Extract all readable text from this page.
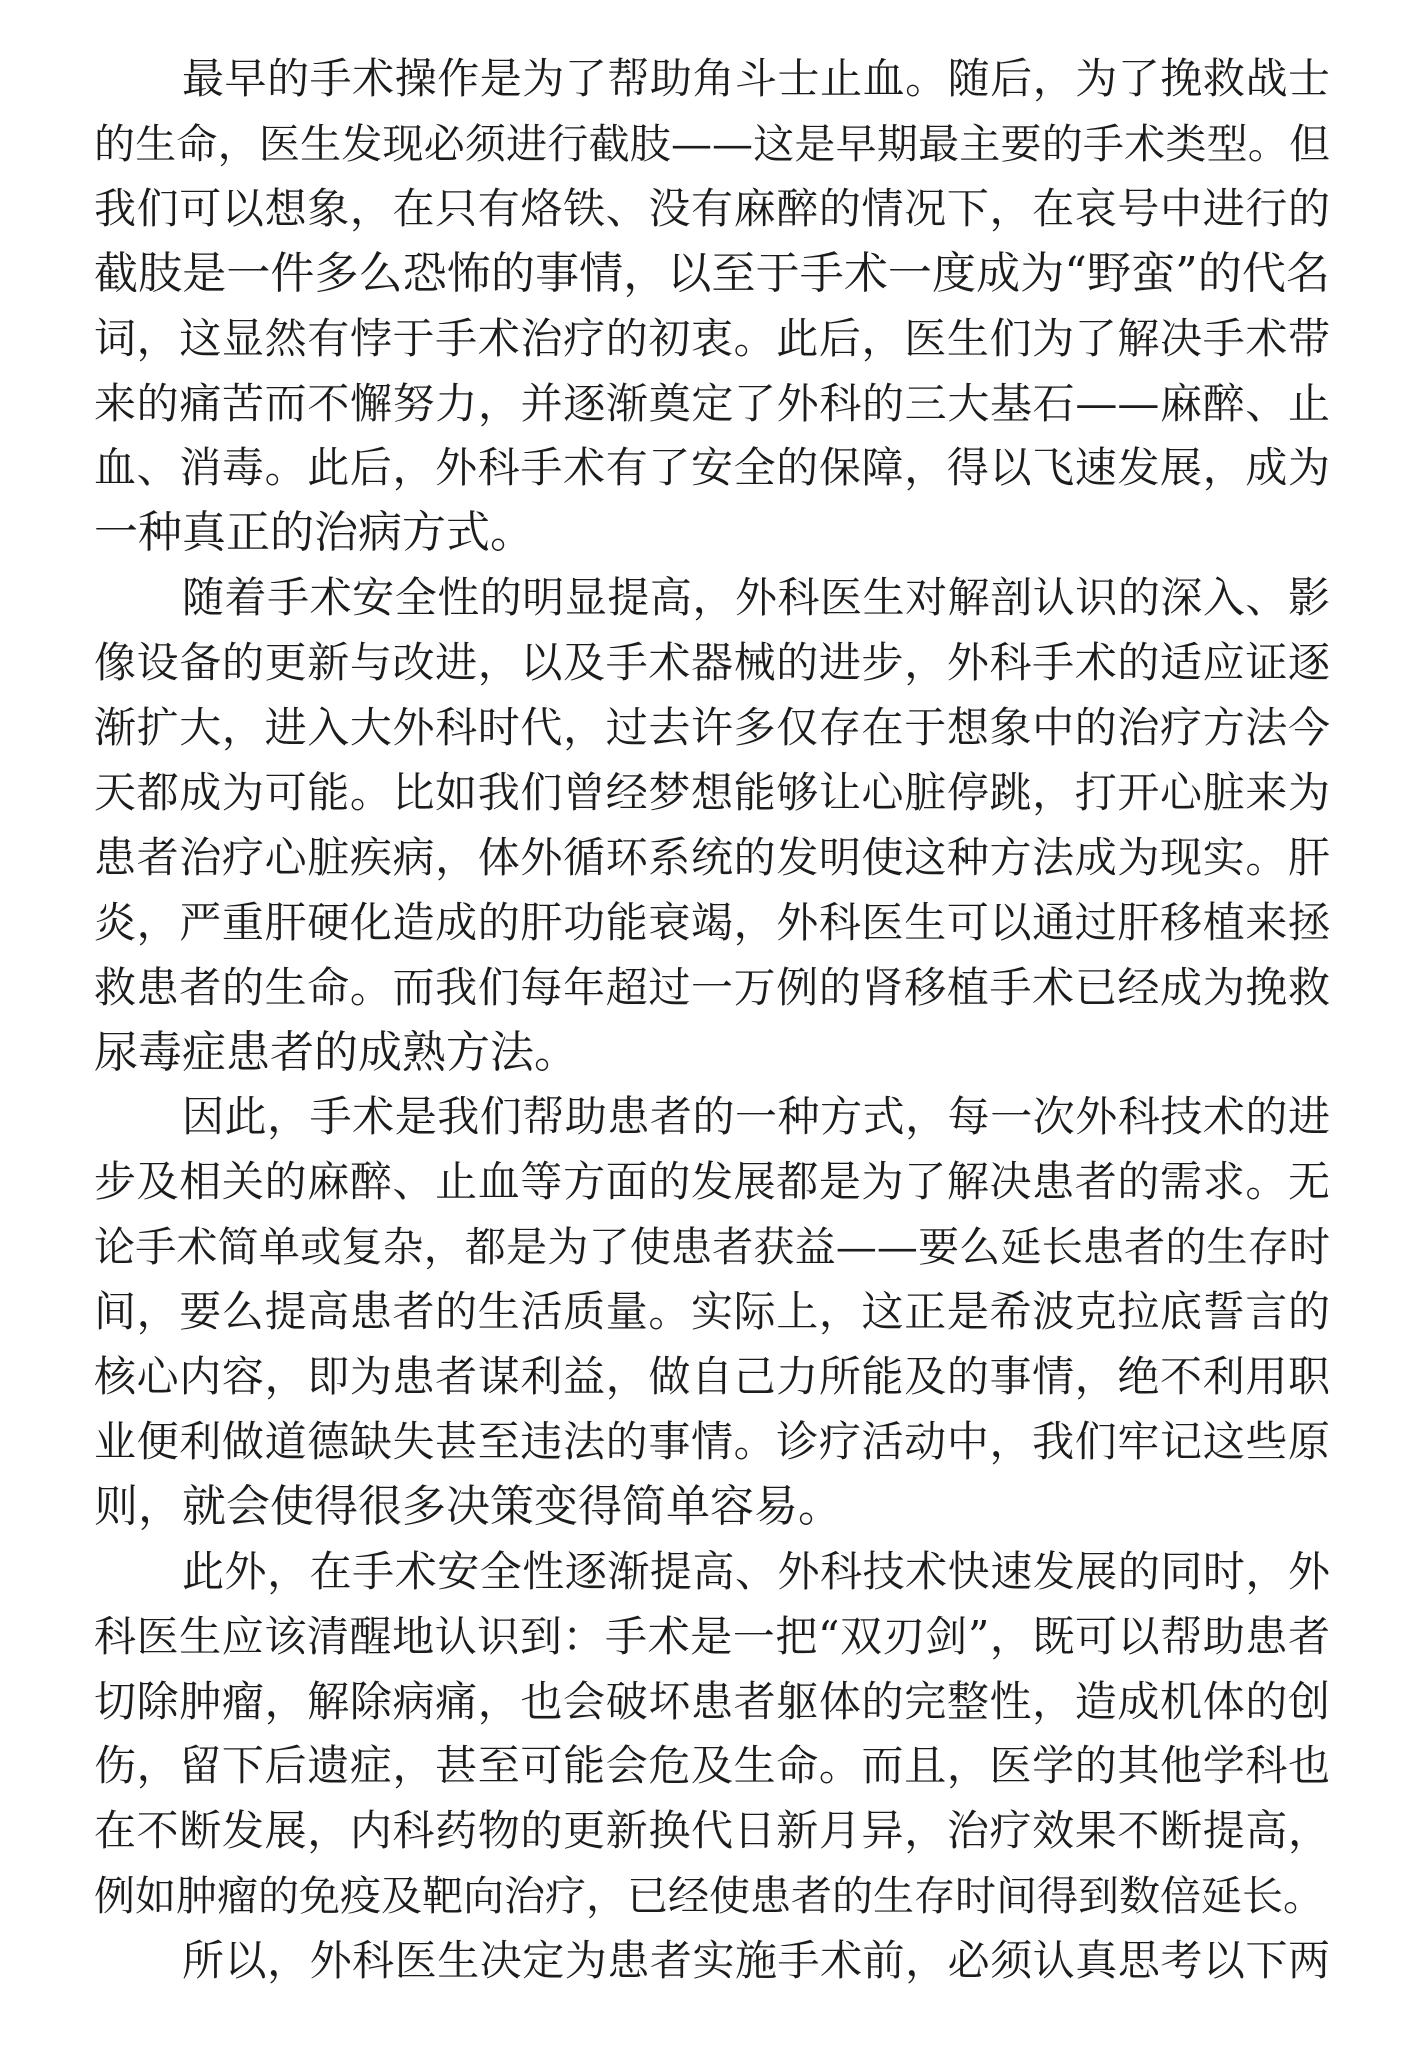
最早的手术操作是为了帮助角斗士止血。随后，为了挽救战士
的生命，医生发现必须进行截肢——这是早期最主要的手术类型。但
我们可以想象，在只有烙铁、没有麻醉的情况下，在哀号中进行的
截肢是一件多么恐怖的事情，以至于手术一度成为“野蛮”的代名
词，这显然有悖于手术治疗的初衷。此后，医生们为了解决手术带
来的痛苦而不懈努力，并逐渐奠定了外科的三大基石——麻醉、止
血、消毒。此后，外科手术有了安全的保障，得以飞速发展，成为
一种真正的治病方式。
随着手术安全性的明显提高，外科医生对解剖认识的深入、影
像设备的更新与改进，以及手术器械的进步，外科手术的适应证逐
渐扩大，进入大外科时代，过去许多仅存在于想象中的治疗方法今
天都成为可能。比如我们曾经梦想能够让心脏停跳，打开心脏来为
患者治疗心脏疾病，体外循环系统的发明使这种方法成为现实。肝
炎，严重肝硬化造成的肝功能衰竭，外科医生可以通过肝移植来拯
救患者的生命。而我们每年超过一万例的肾移植手术已经成为挽救
尿毒症患者的成熟方法。
因此，手术是我们帮助患者的一种方式，每一次外科技术的进
步及相关的麻醉、止血等方面的发展都是为了解决患者的需求。无
论手术简单或复杂，都是为了使患者获益——要么延长患者的生存时
间，要么提高患者的生活质量。实际上，这正是希波克拉底誓言的
核心内容，即为患者谋利益，做自己力所能及的事情，绝不利用职
业便利做道德缺失甚至违法的事情。诊疗活动中，我们牢记这些原
则，就会使得很多决策变得简单容易。
此外，在手术安全性逐渐提高、外科技术快速发展的同时，外
科医生应该清醒地认识到：手术是一把“双刃剑”，既可以帮助患者
切除肿瘤，解除病痛，也会破坏患者躯体的完整性，造成机体的创
伤，留下后遗症，甚至可能会危及生命。而且，医学的其他学科也
在不断发展，内科药物的更新换代日新月异，治疗效果不断提高，
例如肿瘤的免疫及靶向治疗，已经使患者的生存时间得到数倍延长。
所以，外科医生决定为患者实施手术前，必须认真思考以下两
